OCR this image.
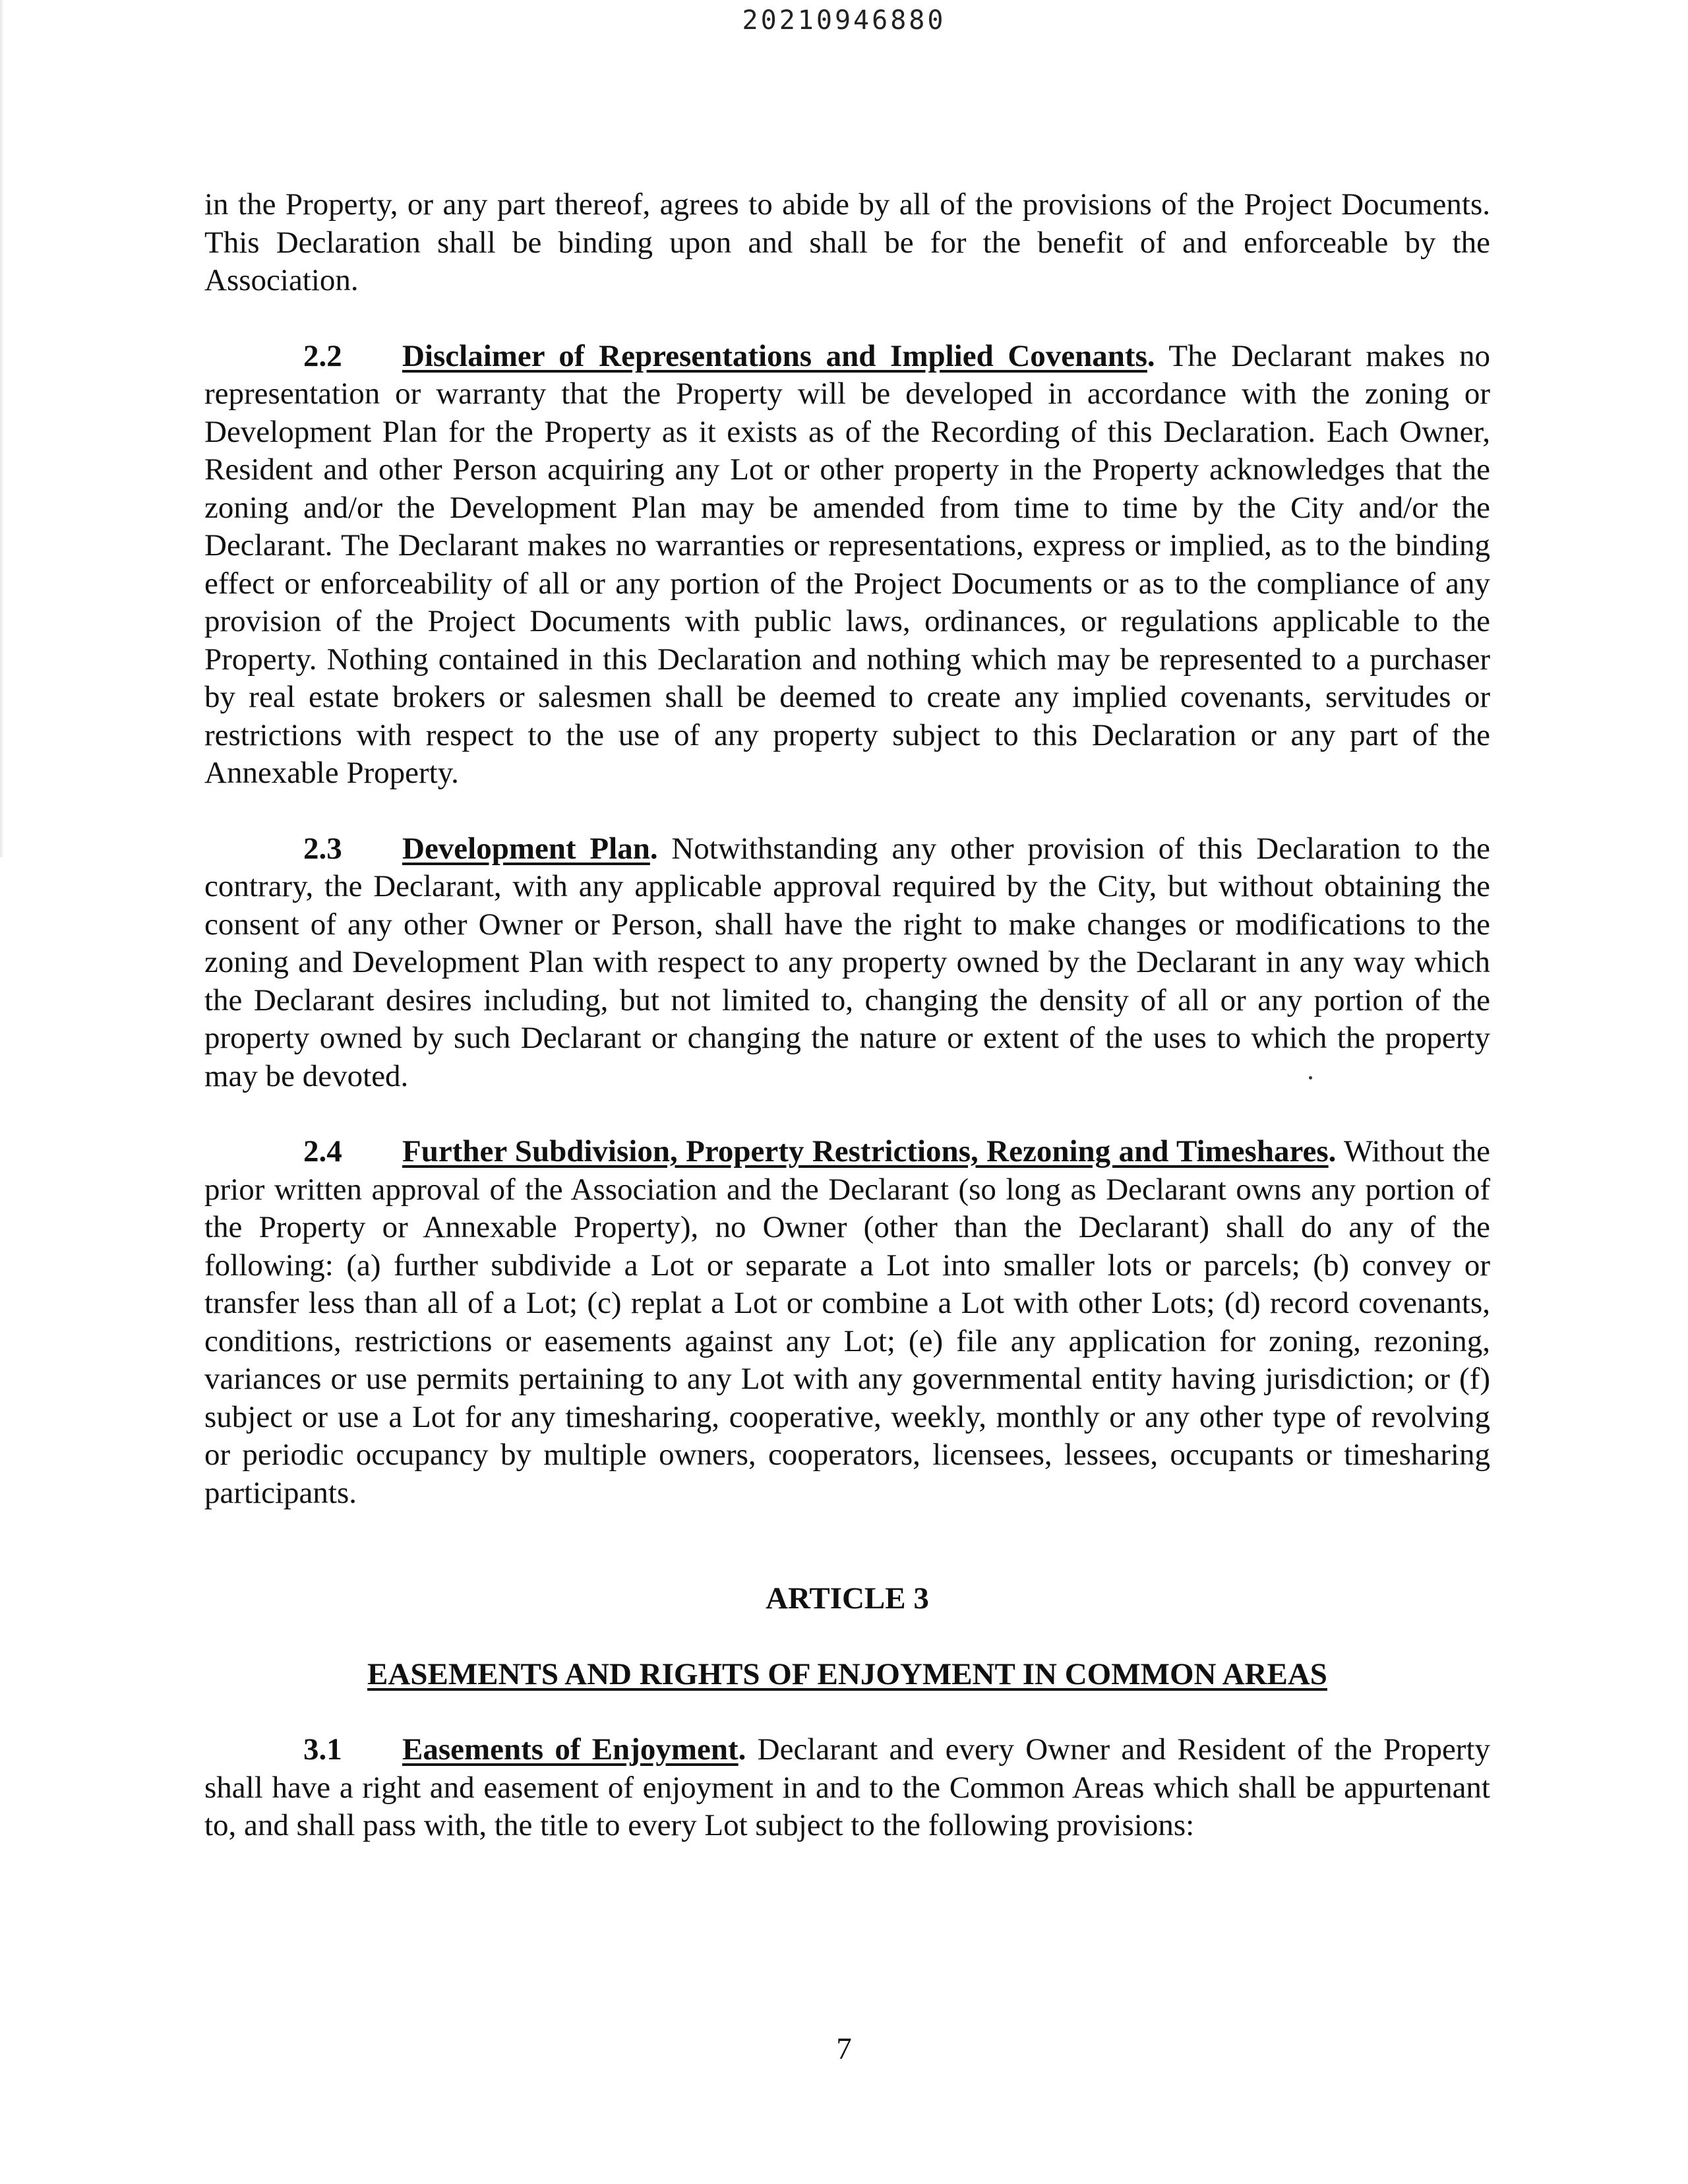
20210946880

in the Property, or any part thereof, agrees to abide by all of the provisions of the Project Documents. This Declaration shall be binding upon and shall be for the benefit of and enforceable by the Association.

2.2 Disclaimer of Representations and Implied Covenants. The Declarant makes no representation or warranty that the Property will be developed in accordance with the zoning or Development Plan for the Property as it exists as of the Recording of this Declaration. Each Owner, Resident and other Person acquiring any Lot or other property in the Property acknowledges that the zoning and/or the Development Plan may be amended from time to time by the City and/or the Declarant. The Declarant makes no warranties or representations, express or implied, as to the binding effect or enforceability of all or any portion of the Project Documents or as to the compliance of any provision of the Project Documents with public laws, ordinances, or regulations applicable to the Property. Nothing contained in this Declaration and nothing which may be represented to a purchaser by real estate brokers or salesmen shall be deemed to create any implied covenants, servitudes or restrictions with respect to the use of any property subject to this Declaration or any part of the Annexable Property.

2.3 Development Plan. Notwithstanding any other provision of this Declaration to the contrary, the Declarant, with any applicable approval required by the City, but without obtaining the consent of any other Owner or Person, shall have the right to make changes or modifications to the zoning and Development Plan with respect to any property owned by the Declarant in any way which the Declarant desires including, but not limited to, changing the density of all or any portion of the property owned by such Declarant or changing the nature or extent of the uses to which the property may be devoted.

2.4 Further Subdivision, Property Restrictions, Rezoning and Timeshares. Without the prior written approval of the Association and the Declarant (so long as Declarant owns any portion of the Property or Annexable Property), no Owner (other than the Declarant) shall do any of the following: (a) further subdivide a Lot or separate a Lot into smaller lots or parcels; (b) convey or transfer less than all of a Lot; (c) replat a Lot or combine a Lot with other Lots; (d) record covenants, conditions, restrictions or easements against any Lot; (e) file any application for zoning, rezoning, variances or use permits pertaining to any Lot with any governmental entity having jurisdiction; or (f) subject or use a Lot for any timesharing, cooperative, weekly, monthly or any other type of revolving or periodic occupancy by multiple owners, cooperators, licensees, lessees, occupants or timesharing participants.

ARTICLE 3

EASEMENTS AND RIGHTS OF ENJOYMENT IN COMMON AREAS

3.1 Easements of Enjoyment. Declarant and every Owner and Resident of the Property shall have a right and easement of enjoyment in and to the Common Areas which shall be appurtenant to, and shall pass with, the title to every Lot subject to the following provisions:

7
